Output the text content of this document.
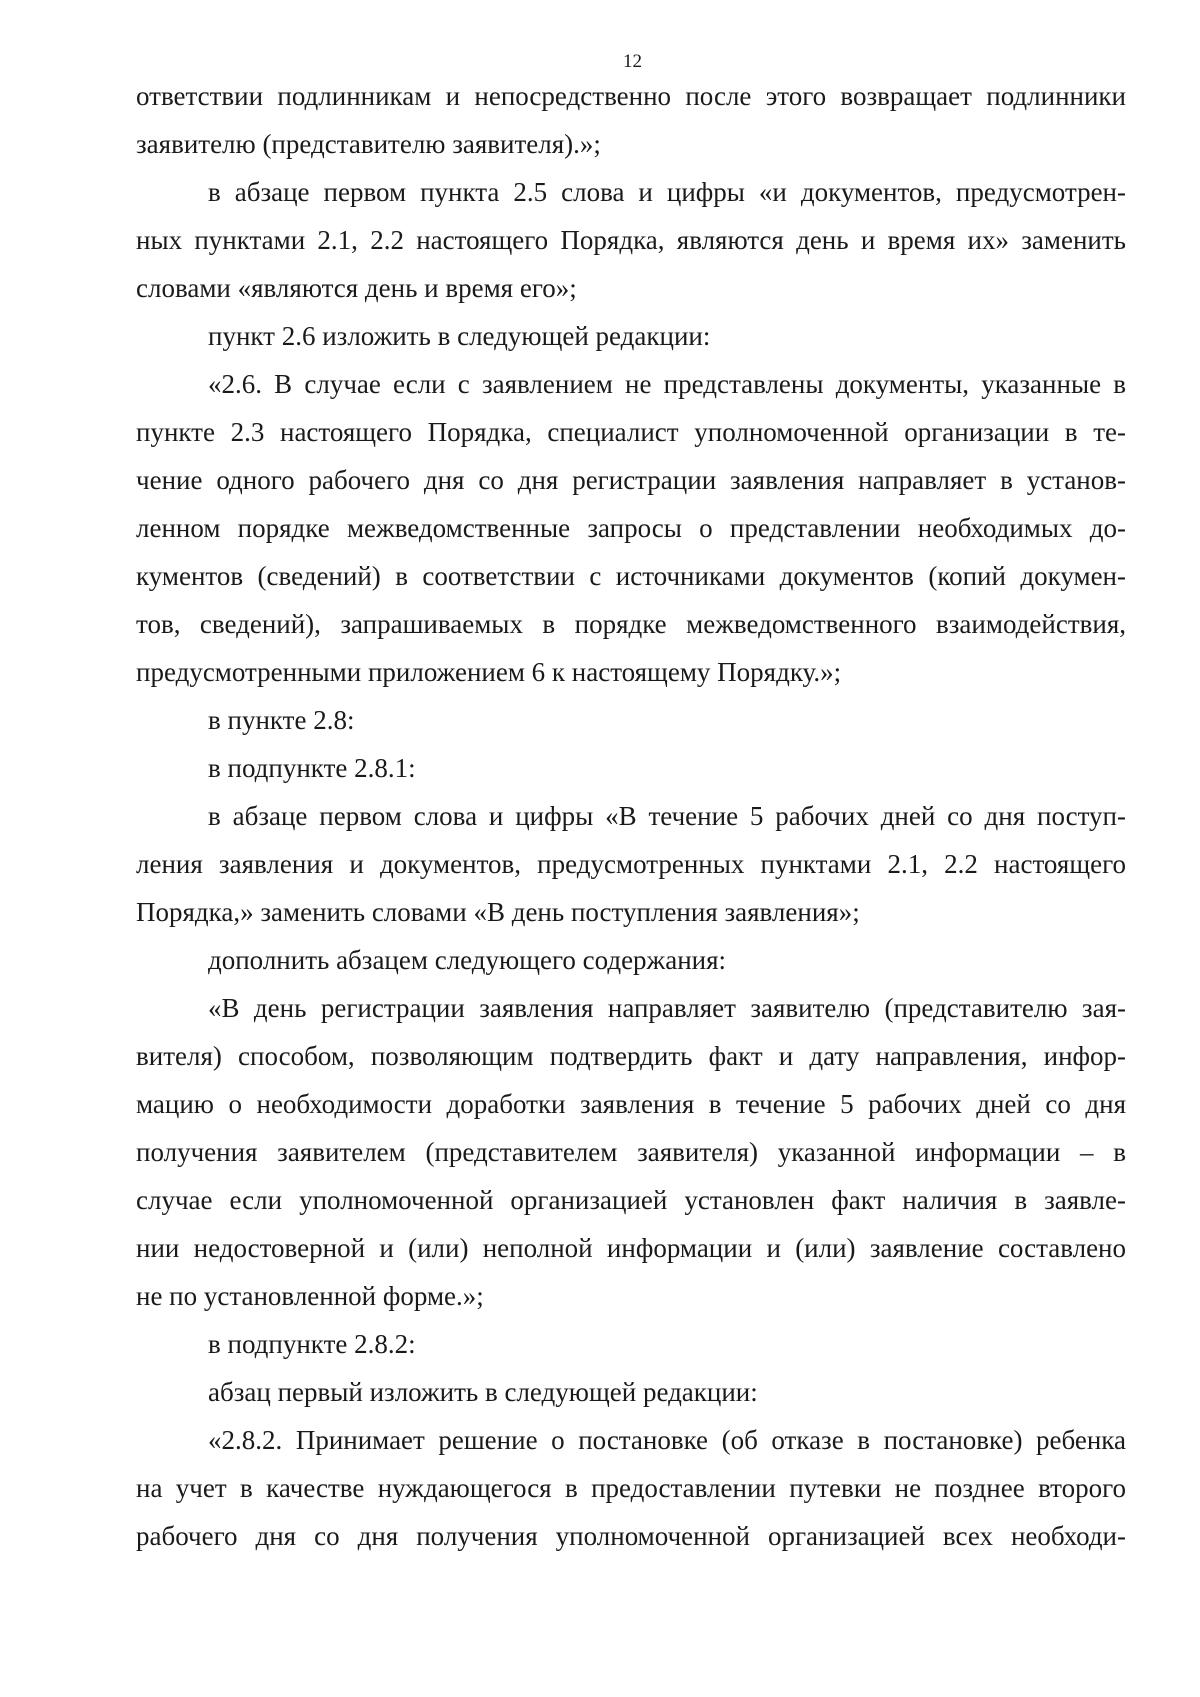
12
ответствии подлинникам и непосредственно после этого возвращает подлинники
заявителю (представителю заявителя).»;
в абзаце первом пункта 2.5 слова и цифры «и документов, предусмотрен-
ных пунктами 2.1, 2.2 настоящего Порядка, являются день и время их» заменить
словами «являются день и время его»;
пункт 2.6 изложить в следующей редакции:
«2.6. В случае если с заявлением не представлены документы, указанные в
пункте 2.3 настоящего Порядка, специалист уполномоченной организации в те-
чение одного рабочего дня со дня регистрации заявления направляет в установ-
ленном порядке межведомственные запросы о представлении необходимых до-
кументов (сведений) в соответствии с источниками документов (копий докумен-
тов, сведений), запрашиваемых в порядке межведомственного взаимодействия,
предусмотренными приложением 6 к настоящему Порядку.»;
в пункте 2.8:
в подпункте 2.8.1:
в абзаце первом слова и цифры «В течение 5 рабочих дней со дня поступ-
ления заявления и документов, предусмотренных пунктами 2.1, 2.2 настоящего
Порядка,» заменить словами «В день поступления заявления»;
дополнить абзацем следующего содержания:
«В день регистрации заявления направляет заявителю (представителю зая-
вителя) способом, позволяющим подтвердить факт и дату направления, инфор-
мацию о необходимости доработки заявления в течение 5 рабочих дней со дня
получения заявителем (представителем заявителя) указанной информации – в
случае если уполномоченной организацией установлен факт наличия в заявле-
нии недостоверной и (или) неполной информации и (или) заявление составлено
не по установленной форме.»;
в подпункте 2.8.2:
абзац первый изложить в следующей редакции:
«2.8.2. Принимает решение о постановке (об отказе в постановке) ребенка
на учет в качестве нуждающегося в предоставлении путевки не позднее второго
рабочего дня со дня получения уполномоченной организацией всех необходи-
